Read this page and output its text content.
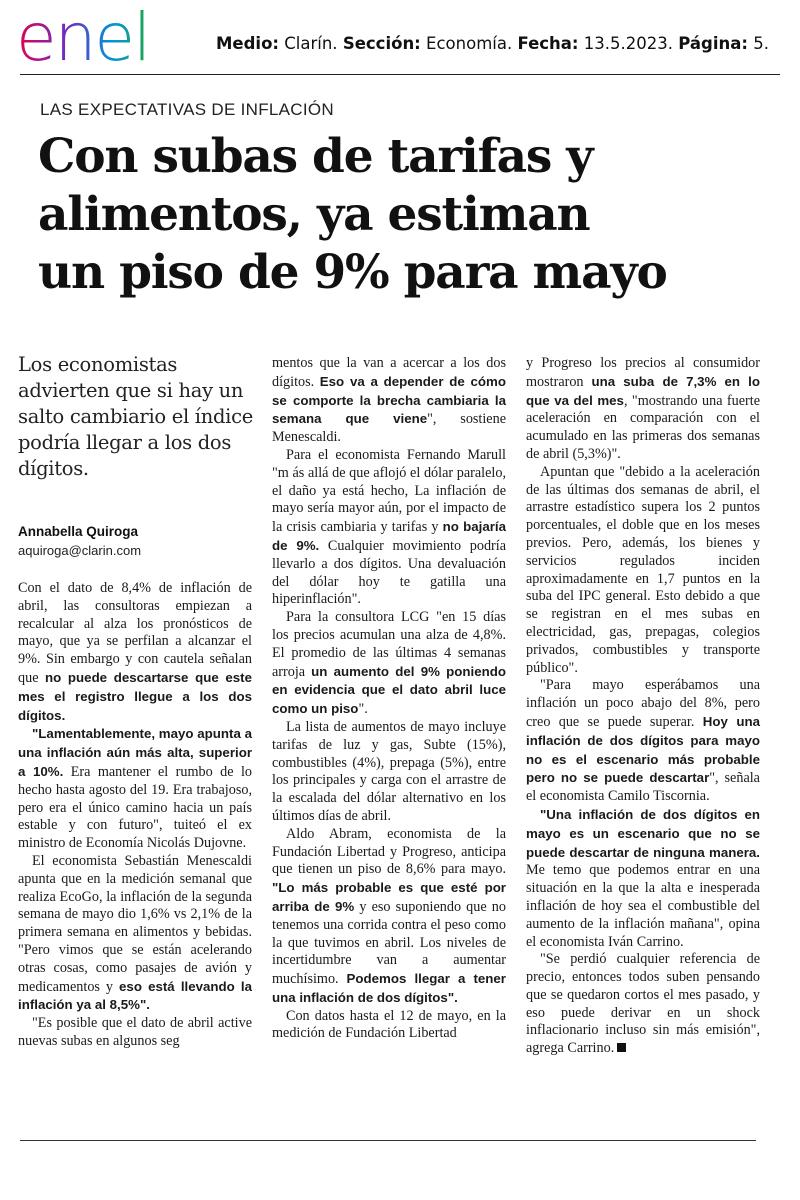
enel	Medio: Clarín. Sección: Economía. Fecha: 13.5.2023. Página: 5.
LAS EXPECTATIVAS DE INFLACIÓN
Con subas de tarifas y
alimentos, ya estiman
un piso de 9% para mayo
Los economistas advierten que si hay un salto cambiario el índice podría llegar a los dos dígitos.
Annabella Quiroga
aquiroga@clarin.com

Con el dato de 8,4% de inflación de abril, las consultoras empiezan a recalcular al alza los pronósticos de mayo, que ya se perfilan a alcanzar el 9%. Sin embargo y con cautela señalan que no puede descartarse que este mes el registro llegue a los dos dígitos.

"Lamentablemente, mayo apunta a una inflación aún más alta, superior a 10%. Era mantener el rumbo de lo hecho hasta agosto del 19. Era trabajoso, pero era el único camino hacia un país estable y con futuro", tuiteó el ex ministro de Economía Nicolás Dujovne.

El economista Sebastián Menescaldi apunta que en la medición semanal que realiza EcoGo, la inflación de la segunda semana de mayo dio 1,6% vs 2,1% de la primera semana en alimentos y bebidas. "Pero vimos que se están acelerando otras cosas, como pasajes de avión y medicamentos y eso está llevando la inflación ya al 8,5%".

"Es posible que el dato de abril active nuevas subas en algunos seg

mentos que la van a acercar a los dos dígitos. Eso va a depender de cómo se comporte la brecha cambiaria la semana que viene", sostiene Menescaldi.

Para el economista Fernando Marull "m ás allá de que aflojó el dólar paralelo, el daño ya está hecho, La inflación de mayo sería mayor aún, por el impacto de la crisis cambiaria y tarifas y no bajaría de 9%. Cualquier movimiento podría llevarlo a dos dígitos. Una devaluación del dólar hoy te gatilla una hiperinflación".

Para la consultora LCG "en 15 días los precios acumulan una alza de 4,8%. El promedio de las últimas 4 semanas arroja un aumento del 9% poniendo en evidencia que el dato abril luce como un piso".

La lista de aumentos de mayo incluye tarifas de luz y gas, Subte (15%), combustibles (4%), prepaga (5%), entre los principales y carga con el arrastre de la escalada del dólar alternativo en los últimos días de abril.

Aldo Abram, economista de la Fundación Libertad y Progreso, anticipa que tienen un piso de 8,6% para mayo. "Lo más probable es que esté por arriba de 9% y eso suponiendo que no tenemos una corrida contra el peso como la que tuvimos en abril. Los niveles de incertidumbre van a aumentar muchísimo. Podemos llegar a tener una inflación de dos dígitos".

Con datos hasta el 12 de mayo, en la medición de Fundación Libertad

y Progreso los precios al consumidor mostraron una suba de 7,3% en lo que va del mes, "mostrando una fuerte aceleración en comparación con el acumulado en las primeras dos semanas de abril (5,3%)".

Apuntan que "debido a la aceleración de las últimas dos semanas de abril, el arrastre estadístico supera los 2 puntos porcentuales, el doble que en los meses previos. Pero, además, los bienes y servicios regulados inciden aproximadamente en 1,7 puntos en la suba del IPC general. Esto debido a que se registran en el mes subas en electricidad, gas, prepagas, colegios privados, combustibles y transporte público".

"Para mayo esperábamos una inflación un poco abajo del 8%, pero creo que se puede superar. Hoy una inflación de dos dígitos para mayo no es el escenario más probable pero no se puede descartar", señala el economista Camilo Tiscornia.

"Una inflación de dos dígitos en mayo es un escenario que no se puede descartar de ninguna manera. Me temo que podemos entrar en una situación en la que la alta e inesperada inflación de hoy sea el combustible del aumento de la inflación mañana", opina el economista Iván Carrino.

"Se perdió cualquier referencia de precio, entonces todos suben pensando que se quedaron cortos el mes pasado, y eso puede derivar en un shock inflacionario incluso sin más emisión", agrega Carrino.
